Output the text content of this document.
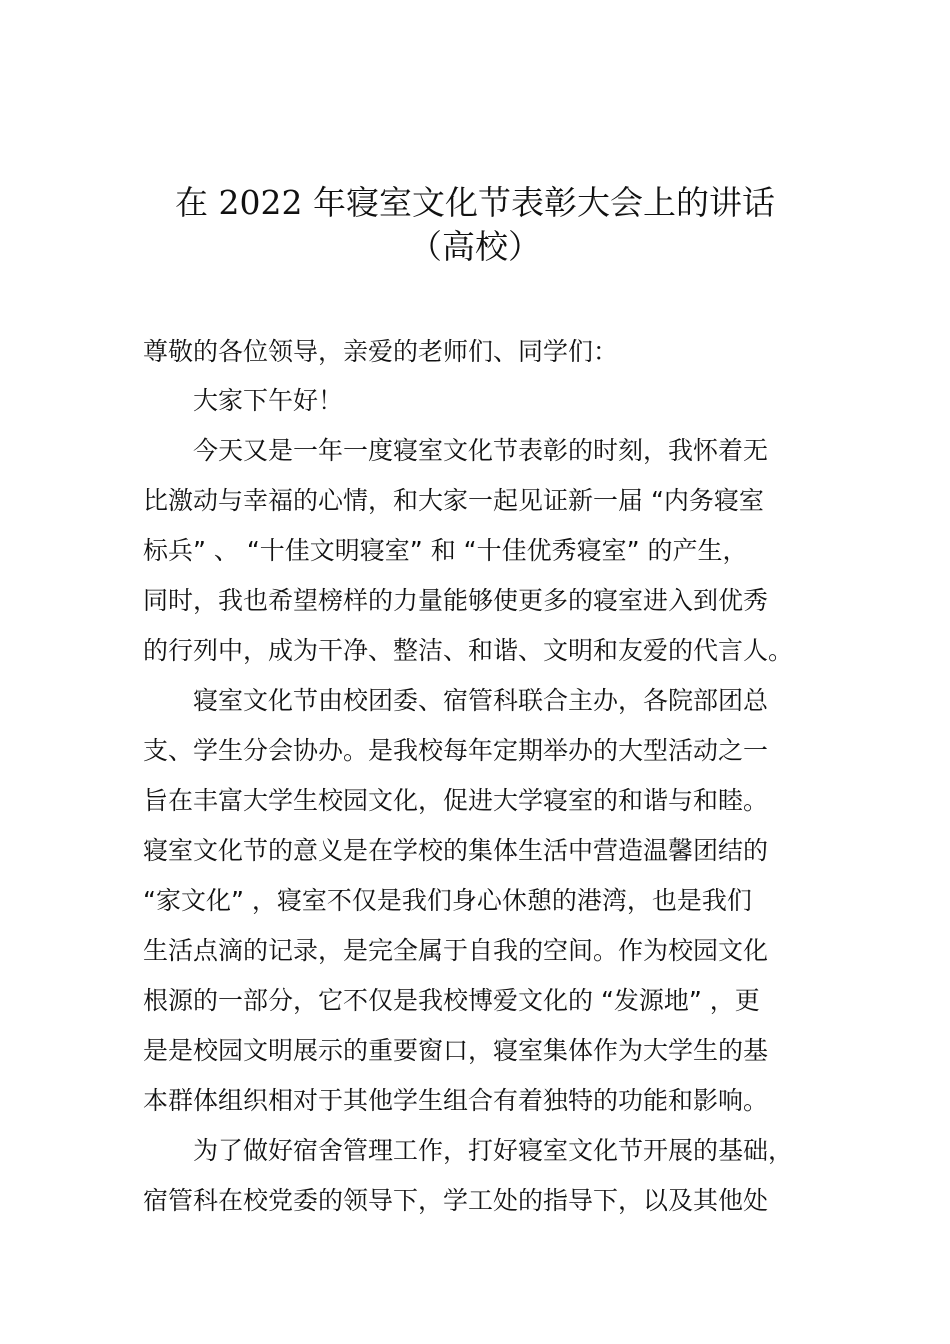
在 2022 年寝室文化节表彰大会上的讲话
（高校）
尊敬的各位领导，亲爱的老师们、同学们：
大家下午好！
今天又是一年一度寝室文化节表彰的时刻，我怀着无
比激动与幸福的心情，和大家一起见证新一届 “内务寝室
标兵” 、 “十佳文明寝室” 和 “十佳优秀寝室” 的产生，
同时，我也希望榜样的力量能够使更多的寝室进入到优秀
的行列中，成为干净、整洁、和谐、文明和友爱的代言人。
寝室文化节由校团委、宿管科联合主办，各院部团总
支、学生分会协办。是我校每年定期举办的大型活动之一
旨在丰富大学生校园文化，促进大学寝室的和谐与和睦。
寝室文化节的意义是在学校的集体生活中营造温馨团结的
“家文化” ，寝室不仅是我们身心休憩的港湾，也是我们
生活点滴的记录，是完全属于自我的空间。作为校园文化
根源的一部分，它不仅是我校博爱文化的 “发源地” ，更
是是校园文明展示的重要窗口，寝室集体作为大学生的基
本群体组织相对于其他学生组合有着独特的功能和影响。
为了做好宿舍管理工作，打好寝室文化节开展的基础，
宿管科在校党委的领导下，学工处的指导下，以及其他处
